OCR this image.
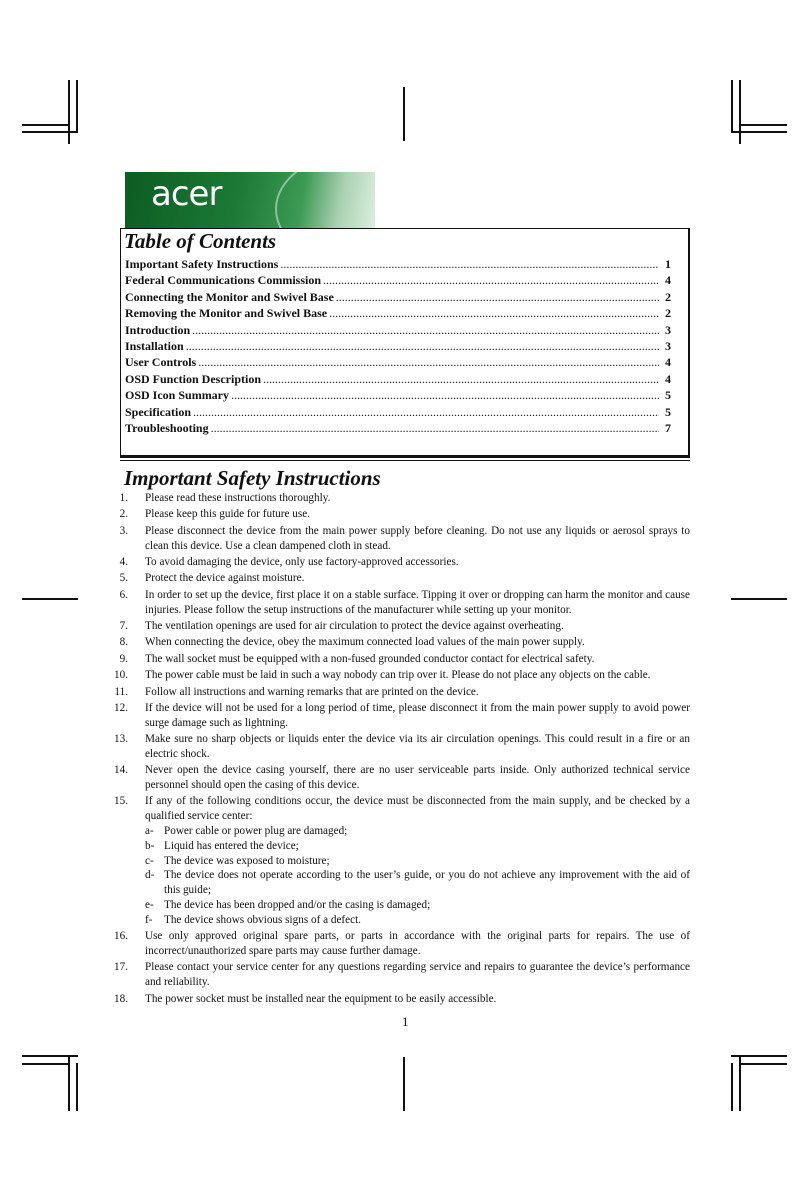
acer
Table of Contents
Important Safety Instructions .....	1
Federal Communications Commission .....	4
Connecting the Monitor and Swivel Base .....	2
Removing the Monitor and Swivel Base .....	2
Introduction .....	3
Installation .....	3
User Controls .....	4
OSD Function Description .....	4
OSD Icon Summary .....	5
Specification .....	5
Troubleshooting .....	7
Important Safety Instructions
1.	Please read these instructions thoroughly.
2.	Please keep this guide for future use.
3.	Please disconnect the device from the main power supply before cleaning. Do not use any liquids or aerosol sprays to clean this device. Use a clean dampened cloth in stead.
4.	To avoid damaging the device, only use factory-approved accessories.
5.	Protect the device against moisture.
6.	In order to set up the device, first place it on a stable surface. Tipping it over or dropping can harm the monitor and cause injuries. Please follow the setup instructions of the manufacturer while setting up your monitor.
7.	The ventilation openings are used for air circulation to protect the device against overheating.
8.	When connecting the device, obey the maximum connected load values of the main power supply.
9.	The wall socket must be equipped with a non-fused grounded conductor contact for electrical safety.
10.	The power cable must be laid in such a way nobody can trip over it. Please do not place any objects on the cable.
11.	Follow all instructions and warning remarks that are printed on the device.
12.	If the device will not be used for a long period of time, please disconnect it from the main power supply to avoid power surge damage such as lightning.
13.	Make sure no sharp objects or liquids enter the device via its air circulation openings. This could result in a fire or an electric shock.
14.	Never open the device casing yourself, there are no user serviceable parts inside. Only authorized technical service personnel should open the casing of this device.
15.	If any of the following conditions occur, the device must be disconnected from the main supply, and be checked by a qualified service center:
a- Power cable or power plug are damaged;
b- Liquid has entered the device;
c- The device was exposed to moisture;
d- The device does not operate according to the user’s guide, or you do not achieve any improvement with the aid of this guide;
e- The device has been dropped and/or the casing is damaged;
f-	The device shows obvious signs of a defect.
16.	Use only approved original spare parts, or parts in accordance with the original parts for repairs. The use of incorrect/unauthorized spare parts may cause further damage.
17.	Please contact your service center for any questions regarding service and repairs to guarantee the device’s performance and reliability.
18.	The power socket must be installed near the equipment to be easily accessible.
1
